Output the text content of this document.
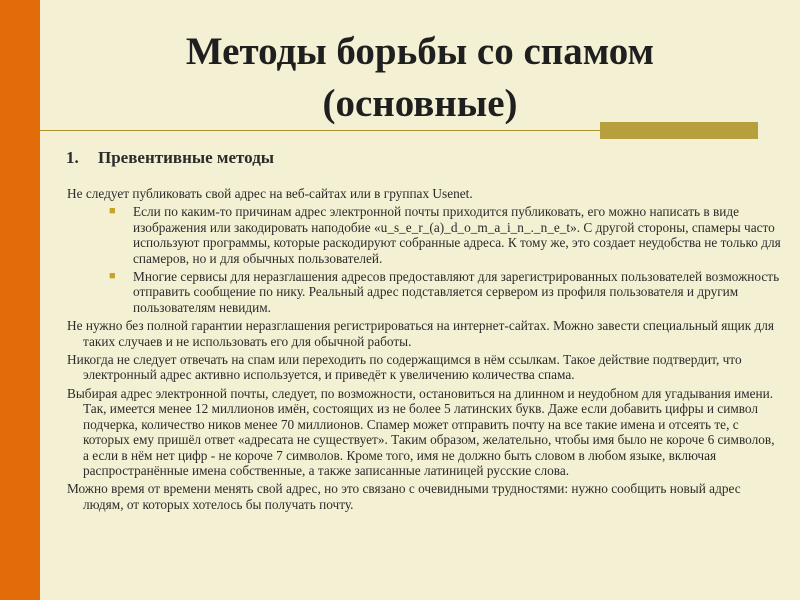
Методы борьбы со спамом
(основные)
1. Превентивные методы

Не следует публиковать свой адрес на веб-сайтах или в группах Usenet.

■ Если по каким-то причинам адрес электронной почты приходится публиковать, его можно написать в виде изображения или закодировать наподобие «u_s_e_r_(a)_d_o_m_a_i_n_._n_e_t». С другой стороны, спамеры часто используют программы, которые раскодируют собранные адреса. К тому же, это создает неудобства не только для спамеров, но и для обычных пользователей.
■ Многие сервисы для неразглашения адресов предоставляют для зарегистрированных пользователей возможность отправить сообщение по нику. Реальный адрес подставляется сервером из профиля пользователя и другим пользователям невидим.

Не нужно без полной гарантии неразглашения регистрироваться на интернет-сайтах. Можно завести специальный ящик для таких случаев и не использовать его для обычной работы.

Никогда не следует отвечать на спам или переходить по содержащимся в нём ссылкам. Такое действие подтвердит, что электронный адрес активно используется, и приведёт к увеличению количества спама.

Выбирая адрес электронной почты, следует, по возможности, остановиться на длинном и неудобном для угадывания имени. Так, имеется менее 12 миллионов имён, состоящих из не более 5 латинских букв. Даже если добавить цифры и символ подчерка, количество ников менее 70 миллионов. Спамер может отправить почту на все такие имена и отсеять те, с которых ему пришёл ответ «адресата не существует». Таким образом, желательно, чтобы имя было не короче 6 символов, а если в нём нет цифр - не короче 7 символов. Кроме того, имя не должно быть словом в любом языке, включая распространённые имена собственные, а также записанные латиницей русские слова.

Можно время от времени менять свой адрес, но это связано с очевидными трудностями: нужно сообщить новый адрес людям, от которых хотелось бы получать почту.
